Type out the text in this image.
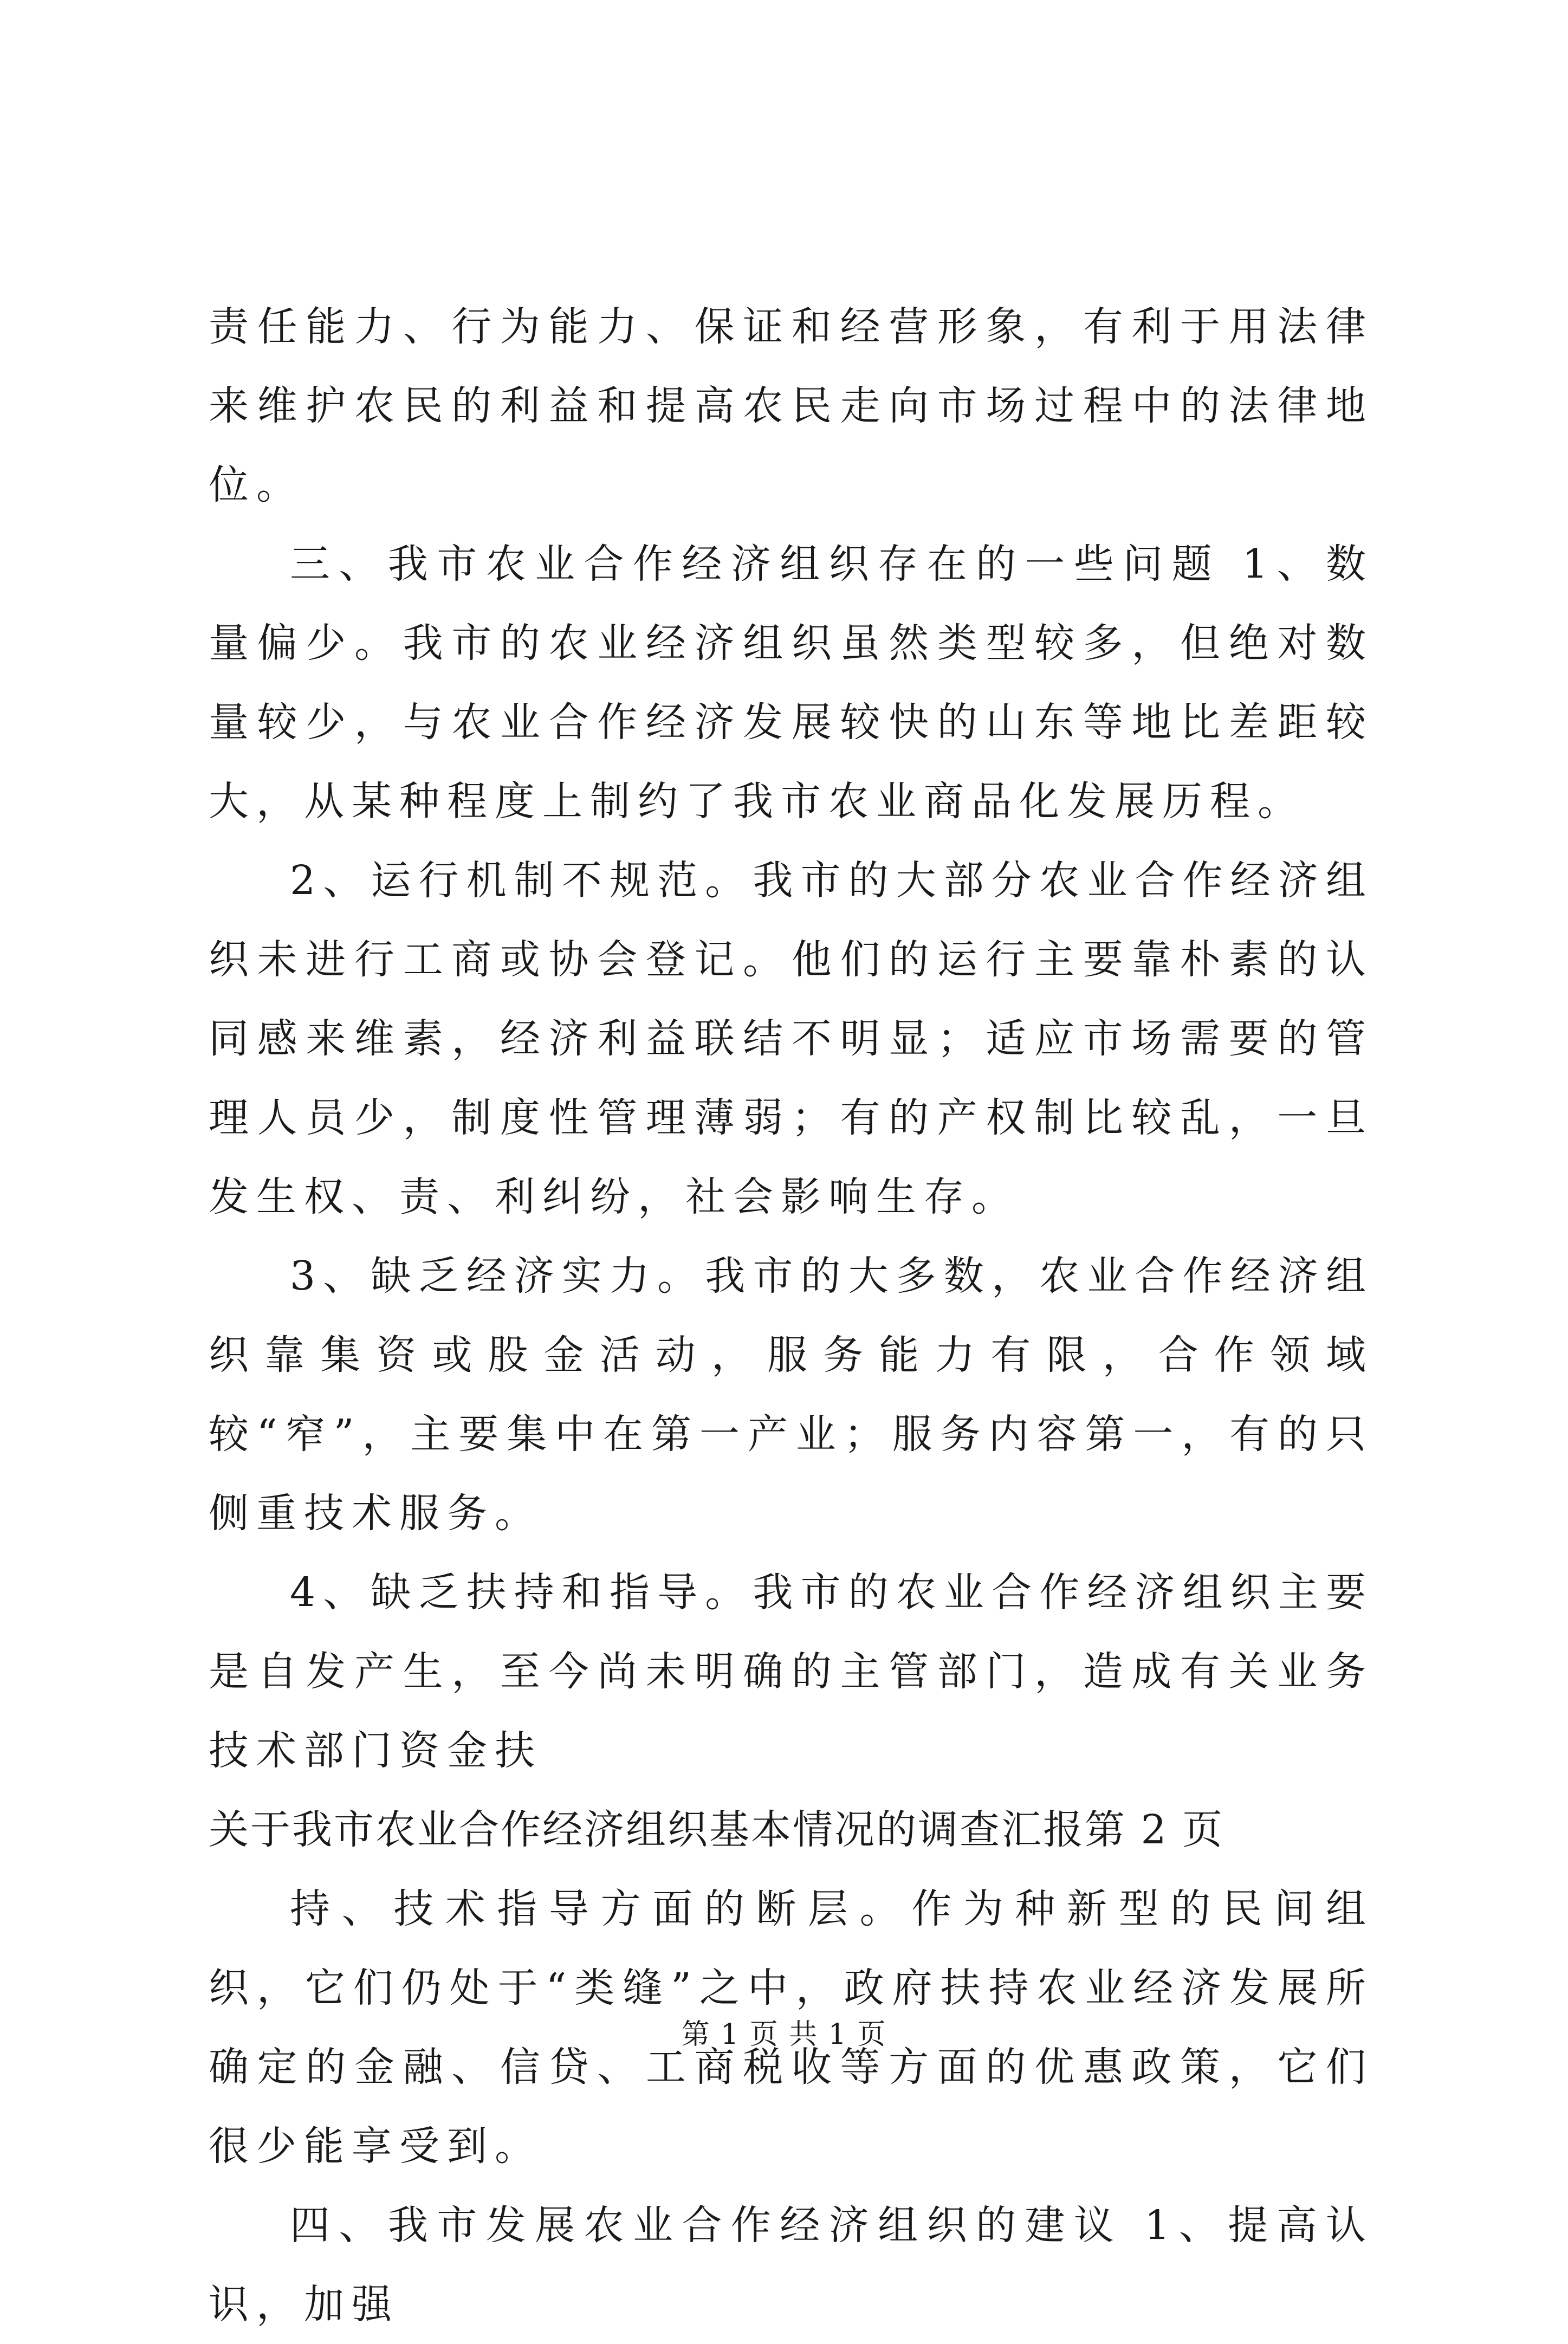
责任能力、行为能力、保证和经营形象，有利于用法律来维护农民的利益和提高农民走向市场过程中的法律地位。

三、我市农业合作经济组织存在的一些问题 1、数量偏少。我市的农业经济组织虽然类型较多，但绝对数量较少，与农业合作经济发展较快的山东等地比差距较大，从某种程度上制约了我市农业商品化发展历程。

2、运行机制不规范。我市的大部分农业合作经济组织未进行工商或协会登记。他们的运行主要靠朴素的认同感来维素，经济利益联结不明显；适应市场需要的管理人员少，制度性管理薄弱；有的产权制比较乱，一旦发生权、责、利纠纷，社会影响生存。

3、缺乏经济实力。我市的大多数，农业合作经济组织靠集资或股金活动，服务能力有限，合作领域较“窄”，主要集中在第一产业；服务内容第一，有的只侧重技术服务。

4、缺乏扶持和指导。我市的农业合作经济组织主要是自发产生，至今尚未明确的主管部门，造成有关业务技术部门资金扶

关于我市农业合作经济组织基本情况的调查汇报第 2 页

持、技术指导方面的断层。作为种新型的民间组织，它们仍处于“类缝”之中，政府扶持农业经济发展所确定的金融、信贷、工商税收等方面的优惠政策，它们很少能享受到。

四、我市发展农业合作经济组织的建议 1、提高认识，加强

第 1 页 共 1 页
